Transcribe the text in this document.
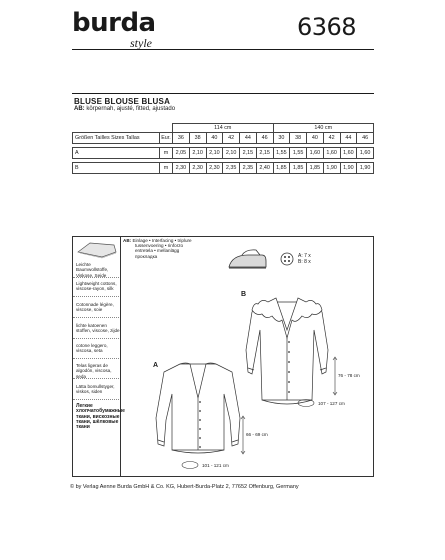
burda
style
6368
BLUSE BLOUSE BLUSA
AB: körpernah, ajusté, fitted, ajustado
		114 cm						140 cm					
Größen Tailles Sizes Tallas	Eur.	36	38	40	42	44	46	30	38	40	42	44	46

A	m	2,05	2,10	2,10	2,10	2,15	2,15	1,55	1,55	1,60	1,60	1,60	1,60

B	m	2,30	2,30	2,30	2,35	2,35	2,40	1,85	1,85	1,85	1,90	1,90	1,90
Leichte Baumwollstoffe, Viskose, Seide
Lightweight cottons, viscose-rayon, silk
Cotonnade légère, viscose, soie
lichte katoenen stoffen, viscose, zijde
cotone leggero, viscosa, seta
Telas ligeras de algodón, viscosa, seda
Lätta bomullstyger, viskos, siden
Легкие хлопчатобумажные ткани, вискозные ткани, шёлковые ткани
AB: Einlage • Interfacing • triplure
tussenvoering • rinforzo
entretela • mellanlägg
прокладка	A: 7 x
B: 8 x
B
76 - 78 cm
107 - 127 cm
A
66 - 69 cm
101 - 121 cm
© by Verlag Aenne Burda GmbH & Co. KG, Hubert-Burda-Platz 2, 77652 Offenburg, Germany
